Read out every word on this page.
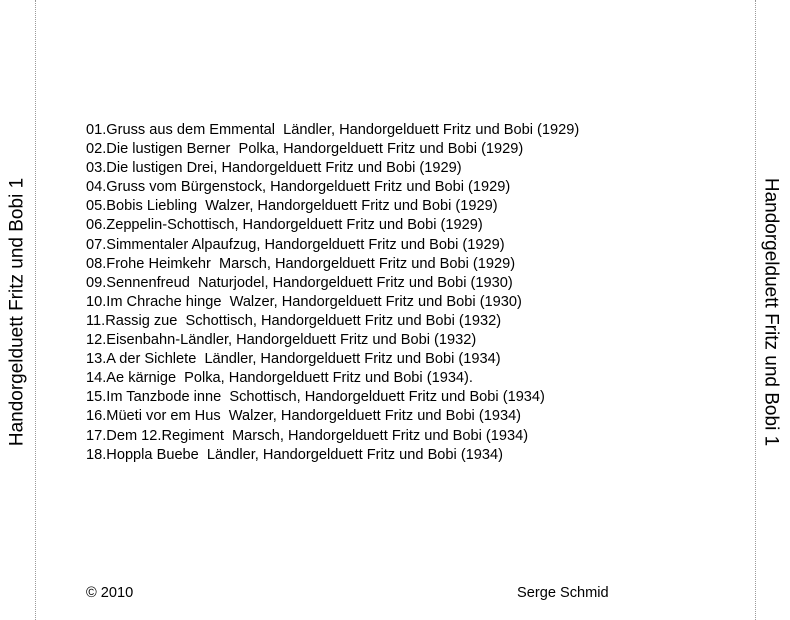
Handorgelduett Fritz und Bobi 1	Handorgelduett Fritz und Bobi 1
01.Gruss aus dem Emmental  Ländler, Handorgelduett Fritz und Bobi (1929)
02.Die lustigen Berner  Polka, Handorgelduett Fritz und Bobi (1929)
03.Die lustigen Drei, Handorgelduett Fritz und Bobi (1929)
04.Gruss vom Bürgenstock, Handorgelduett Fritz und Bobi (1929)
05.Bobis Liebling  Walzer, Handorgelduett Fritz und Bobi (1929)
06.Zeppelin-Schottisch, Handorgelduett Fritz und Bobi (1929)
07.Simmentaler Alpaufzug, Handorgelduett Fritz und Bobi (1929)
08.Frohe Heimkehr  Marsch, Handorgelduett Fritz und Bobi (1929)
09.Sennenfreud  Naturjodel, Handorgelduett Fritz und Bobi (1930)
10.Im Chrache hinge  Walzer, Handorgelduett Fritz und Bobi (1930)
11.Rassig zue  Schottisch, Handorgelduett Fritz und Bobi (1932)
12.Eisenbahn-Ländler, Handorgelduett Fritz und Bobi (1932)
13.A der Sichlete  Ländler, Handorgelduett Fritz und Bobi (1934)
14.Ae kärnige  Polka, Handorgelduett Fritz und Bobi (1934).
15.Im Tanzbode inne  Schottisch, Handorgelduett Fritz und Bobi (1934)
16.Müeti vor em Hus  Walzer, Handorgelduett Fritz und Bobi (1934)
17.Dem 12.Regiment  Marsch, Handorgelduett Fritz und Bobi (1934)
18.Hoppla Buebe  Ländler, Handorgelduett Fritz und Bobi (1934)
© 2010	Serge Schmid
